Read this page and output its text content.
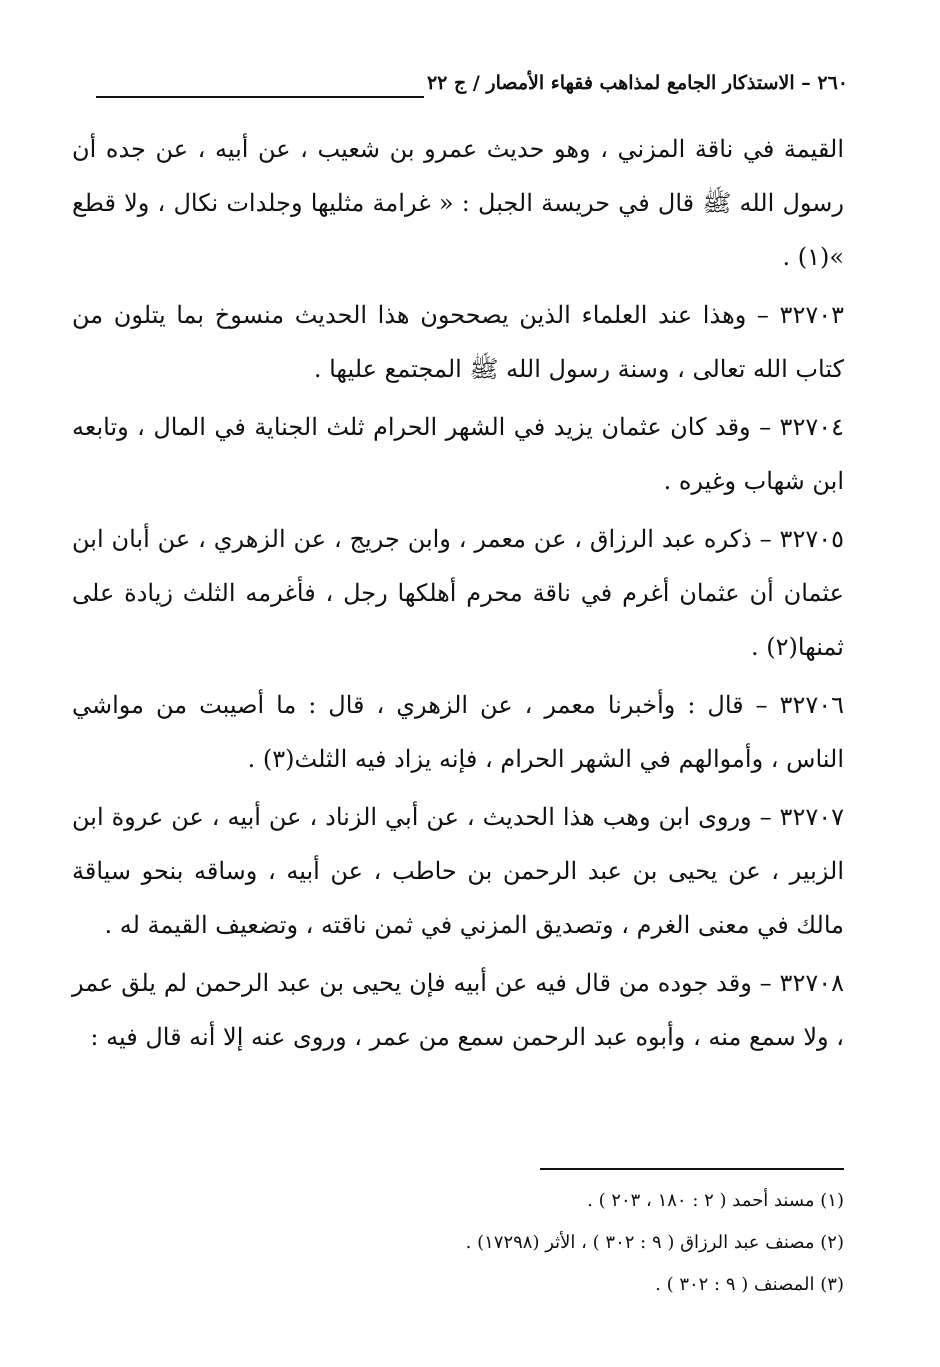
٢٦٠ – الاستذكار الجامع لمذاهب فقهاء الأمصار / ج ٢٢

القيمة في ناقة المزني ، وهو حديث عمرو بن شعيب ، عن أبيه ، عن جده أن رسول الله ﷺ قال في حريسة الجبل : « غرامة مثليها وجلدات نكال ، ولا قطع »(١) .

٣٢٧٠٣ – وهذا عند العلماء الذين يصححون هذا الحديث منسوخ بما يتلون من كتاب الله تعالى ، وسنة رسول الله ﷺ المجتمع عليها .

٣٢٧٠٤ – وقد كان عثمان يزيد في الشهر الحرام ثلث الجناية في المال ، وتابعه ابن شهاب وغيره .

٣٢٧٠٥ – ذكره عبد الرزاق ، عن معمر ، وابن جريج ، عن الزهري ، عن أبان ابن عثمان أن عثمان أغرم في ناقة محرم أهلكها رجل ، فأغرمه الثلث زيادة على ثمنها(٢) .

٣٢٧٠٦ – قال : وأخبرنا معمر ، عن الزهري ، قال : ما أصيبت من مواشي الناس ، وأموالهم في الشهر الحرام ، فإنه يزاد فيه الثلث(٣) .

٣٢٧٠٧ – وروى ابن وهب هذا الحديث ، عن أبي الزناد ، عن أبيه ، عن عروة ابن الزبير ، عن يحيى بن عبد الرحمن بن حاطب ، عن أبيه ، وساقه بنحو سياقة مالك في معنى الغرم ، وتصديق المزني في ثمن ناقته ، وتضعيف القيمة له .

٣٢٧٠٨ – وقد جوده من قال فيه عن أبيه فإن يحيى بن عبد الرحمن لم يلق عمر ، ولا سمع منه ، وأبوه عبد الرحمن سمع من عمر ، وروى عنه إلا أنه قال فيه :

(١) مسند أحمد ( ٢ : ١٨٠ ، ٢٠٣ ) .

(٢) مصنف عبد الرزاق ( ٩ : ٣٠٢ ) ، الأثر (١٧٢٩٨) .

(٣) المصنف ( ٩ : ٣٠٢ ) .
